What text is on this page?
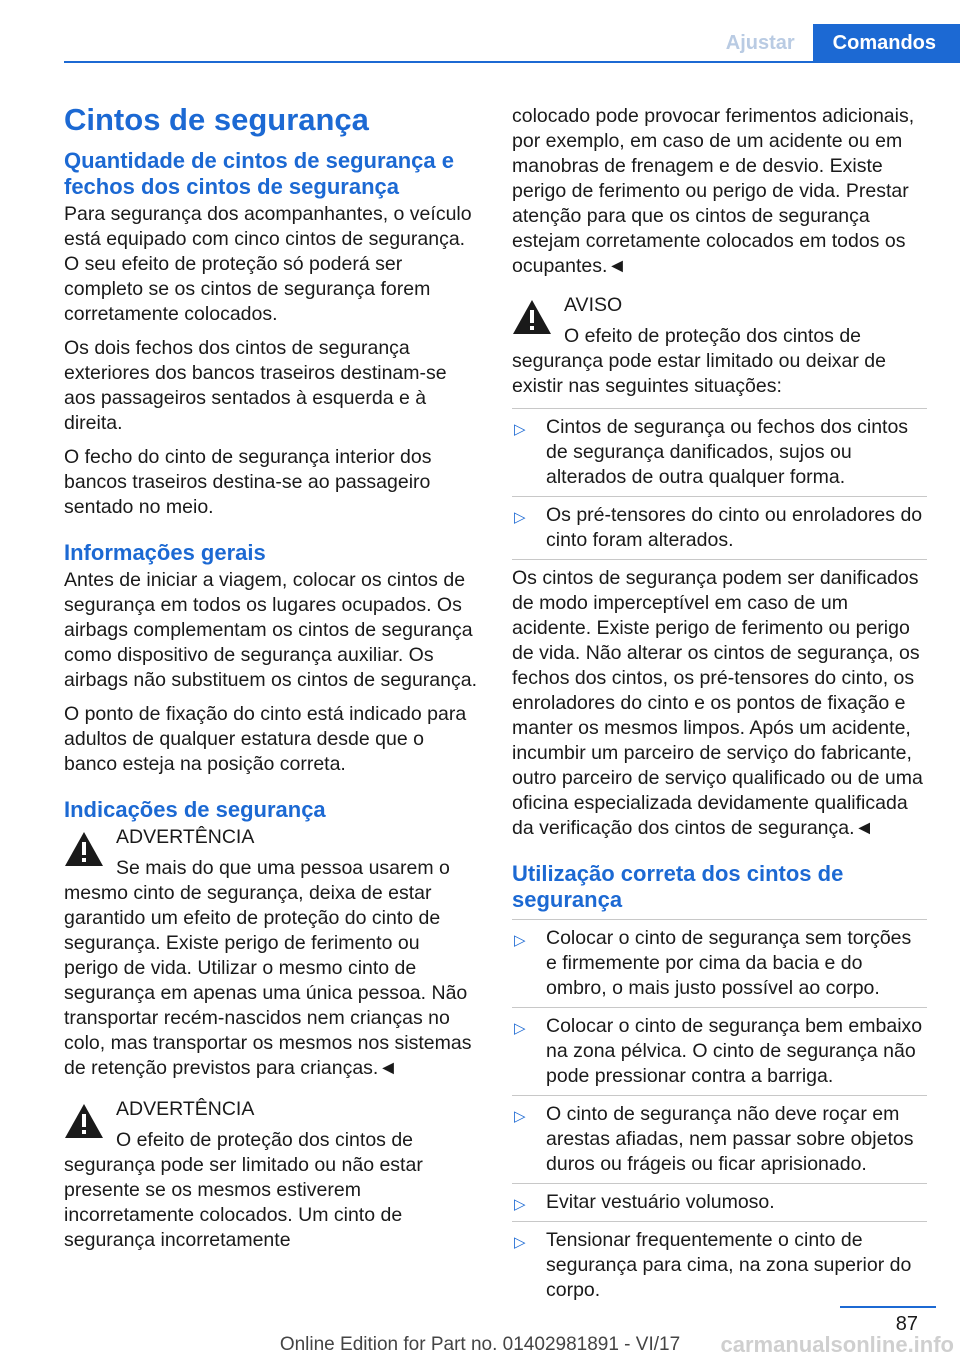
Ajustar	Comandos
Cintos de segurança
Quantidade de cintos de segurança e fechos dos cintos de segurança

Para segurança dos acompanhantes, o veículo está equipado com cinco cintos de segurança. O seu efeito de proteção só poderá ser completo se os cintos de segurança forem corretamente colocados.

Os dois fechos dos cintos de segurança exteriores dos bancos traseiros destinam-se aos passageiros sentados à esquerda e à direita.

O fecho do cinto de segurança interior dos bancos traseiros destina-se ao passageiro sentado no meio.

Informações gerais

Antes de iniciar a viagem, colocar os cintos de segurança em todos os lugares ocupados. Os airbags complementam os cintos de segurança como dispositivo de segurança auxiliar. Os airbags não substituem os cintos de segurança.

O ponto de fixação do cinto está indicado para adultos de qualquer estatura desde que o banco esteja na posição correta.

Indicações de segurança
ADVERTÊNCIA
Se mais do que uma pessoa usarem o mesmo cinto de segurança, deixa de estar garantido um efeito de proteção do cinto de segurança. Existe perigo de ferimento ou perigo de vida. Utilizar o mesmo cinto de segurança em apenas uma única pessoa. Não transportar recém-nascidos nem crianças no colo, mas transportar os mesmos nos sistemas de retenção previstos para crianças.◄
ADVERTÊNCIA
O efeito de proteção dos cintos de segurança pode ser limitado ou não estar presente se os mesmos estiverem incorretamente colocados. Um cinto de segurança incorretamente

colocado pode provocar ferimentos adicionais, por exemplo, em caso de um acidente ou em manobras de frenagem e de desvio. Existe perigo de ferimento ou perigo de vida. Prestar atenção para que os cintos de segurança estejam corretamente colocados em todos os ocupantes.◄

AVISO
O efeito de proteção dos cintos de segurança pode estar limitado ou deixar de existir nas seguintes situações:
▷ Cintos de segurança ou fechos dos cintos de segurança danificados, sujos ou alterados de outra qualquer forma.
▷ Os pré-tensores do cinto ou enroladores do cinto foram alterados.

Os cintos de segurança podem ser danificados de modo imperceptível em caso de um acidente. Existe perigo de ferimento ou perigo de vida. Não alterar os cintos de segurança, os fechos dos cintos, os pré-tensores do cinto, os enroladores do cinto e os pontos de fixação e manter os mesmos limpos. Após um acidente, incumbir um parceiro de serviço do fabricante, outro parceiro de serviço qualificado ou de uma oficina especializada devidamente qualificada da verificação dos cintos de segurança.◄

Utilização correta dos cintos de segurança
▷ Colocar o cinto de segurança sem torções e firmemente por cima da bacia e do ombro, o mais justo possível ao corpo.
▷ Colocar o cinto de segurança bem embaixo na zona pélvica. O cinto de segurança não pode pressionar contra a barriga.
▷ O cinto de segurança não deve roçar em arestas afiadas, nem passar sobre objetos duros ou frágeis ou ficar aprisionado.
▷ Evitar vestuário volumoso.
▷ Tensionar frequentemente o cinto de segurança para cima, na zona superior do corpo.
87
Online Edition for Part no. 01402981891 - VI/17	carmanualsonline.info
